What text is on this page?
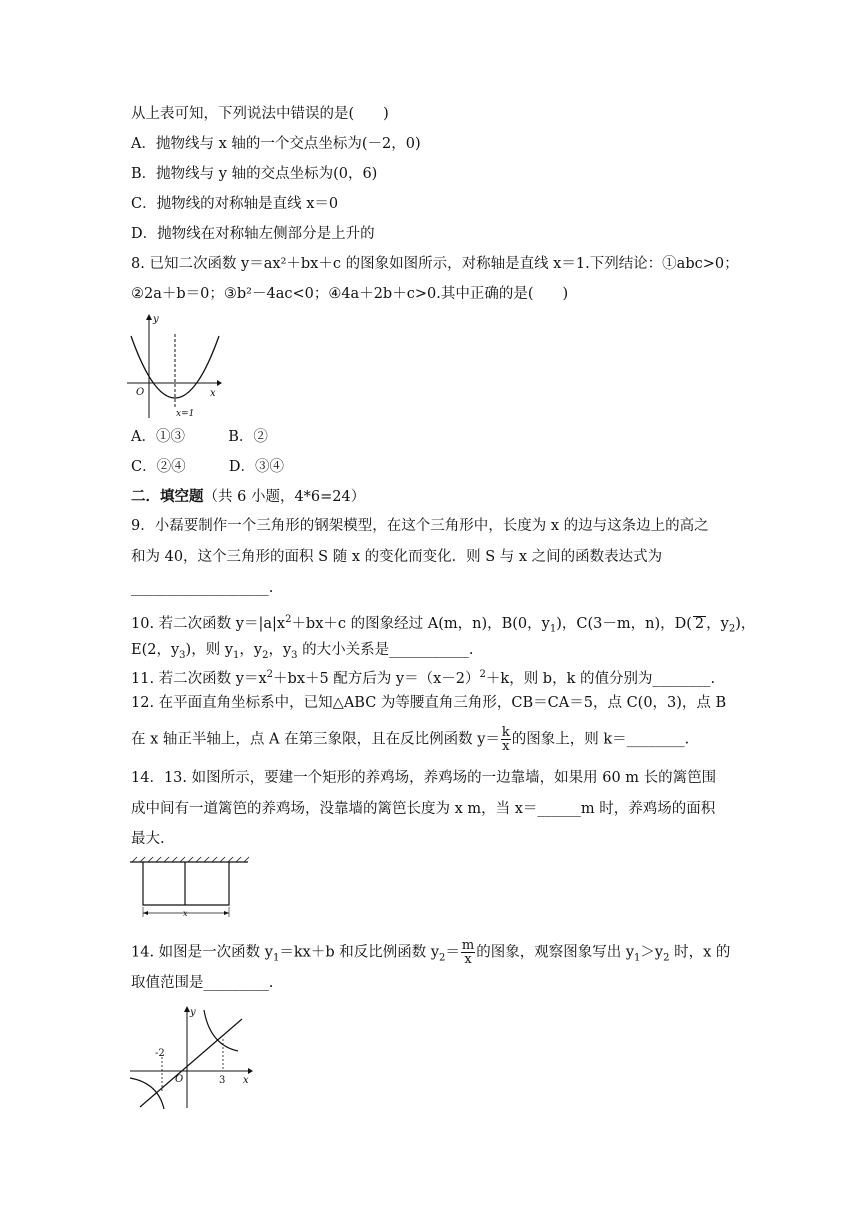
从上表可知，下列说法中错误的是(　　)
A．抛物线与 x 轴的一个交点坐标为(－2，0)
B．抛物线与 y 轴的交点坐标为(0，6)
C．抛物线的对称轴是直线 x＝0
D．抛物线在对称轴左侧部分是上升的
8. 已知二次函数 y＝ax²＋bx＋c 的图象如图所示，对称轴是直线 x＝1.下列结论：①abc>0；
②2a＋b＝0；③b²－4ac<0；④4a＋2b＋c>0.其中正确的是(　　)
y
x
O
x=1
A．①③	B．②
C．②④	D．③④
二．填空题（共 6 小题，4*6=24）
9．小磊要制作一个三角形的钢架模型，在这个三角形中，长度为 x 的边与这条边上的高之
和为 40，这个三角形的面积 S 随 x 的变化而变化．则 S 与 x 之间的函数表达式为
___________________.
10. 若二次函数 $y=|a|x^2+bx+c$ 的图象经过 A(m，n)，B(0，$y_1$)，C(3－m，n)，D( 2 ，$y_2$)，
E(2，$y_3$)，则 $y_1$，$y_2$，$y_3$ 的大小关系是___________.
11. 若二次函数 $y=x^2+bx+5$ 配方后为 $y=(x-2)^2+k$，则 b，k 的值分别为________.
12. 在平面直角坐标系中，已知△ABC 为等腰直角三角形，CB＝CA＝5，点 C(0，3)，点 B
在 x 轴正半轴上，点 A 在第三象限，且在反比例函数 $y= \frac{k}{x}$ 的图象上，则 k＝________.
14．13. 如图所示，要建一个矩形的养鸡场，养鸡场的一边靠墙，如果用 60 m 长的篱笆围
成中间有一道篱笆的养鸡场，没靠墙的篱笆长度为 x m，当 x＝______m 时，养鸡场的面积
最大.
x
14. 如图是一次函数 $y_1=kx+b$ 和反比例函数 $y_2= \frac{m}{x}$ 的图象，观察图象写出 $y_1>y_2$ 时，x 的
取值范围是_________.
y
x
O
-2
3
